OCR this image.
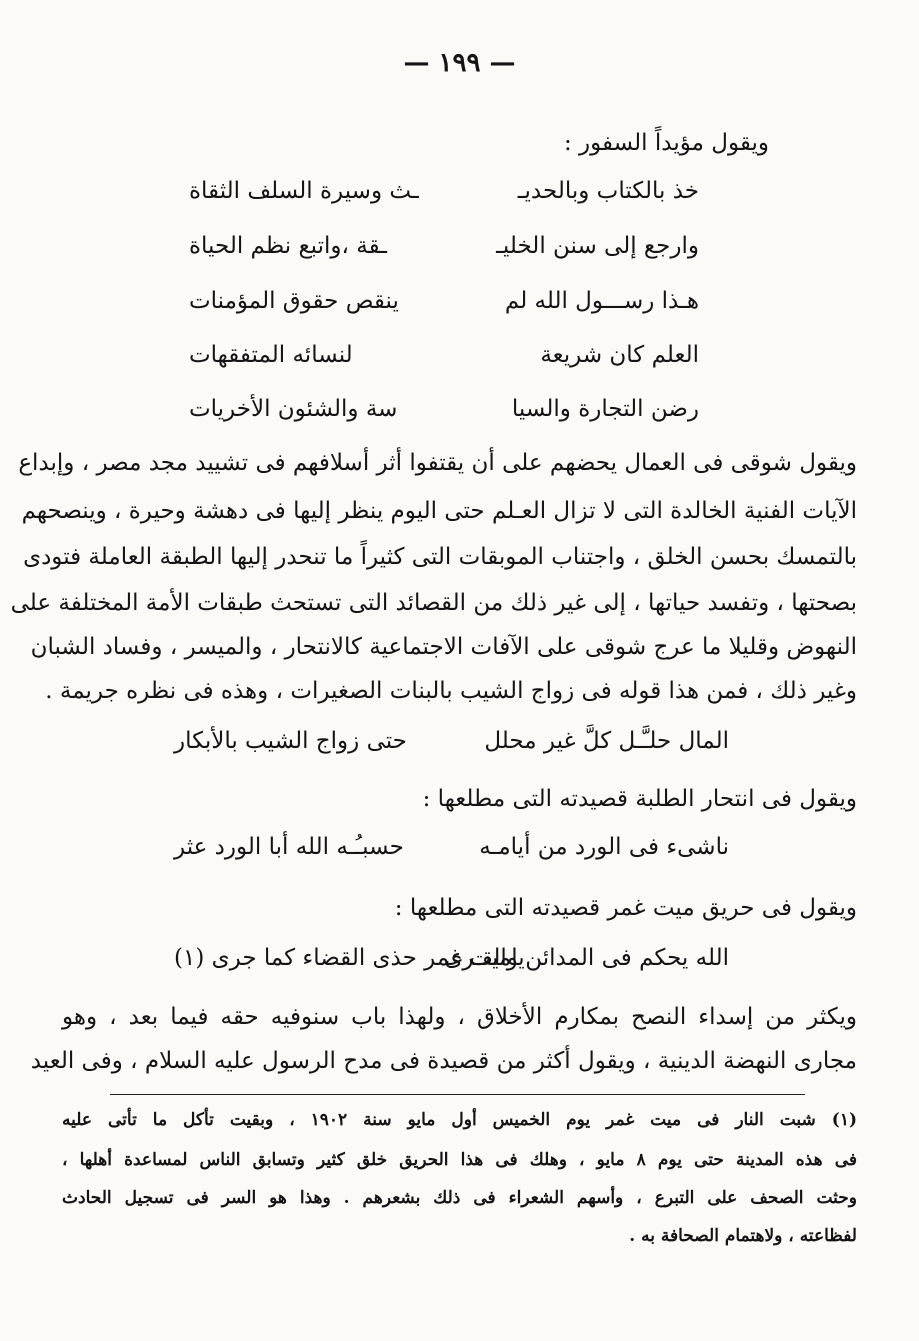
— ١٩٩ —
ويقول مؤيداً السفور :
خذ بالكتاب وبالحديـ
ـث وسيرة السلف الثقاة
وارجع إلى سنن الخليـ
ـقة ،واتبع نظم الحياة
هـذا رســـول الله لم
ينقص حقوق المؤمنات
العلم كان شريعة
لنسائه المتفقهات
رضن التجارة والسيا
سة والشئون الأخريات
ويقول شوقى فى العمال يحضهم على أن يقتفوا أثر أسلافهم فى تشييد مجد مصر ، وإبداع
الآيات الفنية الخالدة التى لا تزال العـلم حتى اليوم ينظر إليها فى دهشة وحيرة ، وينصحهم
بالتمسك بحسن الخلق ، واجتناب الموبقات التى كثيراً ما تنحدر إليها الطبقة العاملة فتودى
بصحتها ، وتفسد حياتها ، إلى غير ذلك من القصائد التى تستحث طبقات الأمة المختلفة على
النهوض وقليلا ما عرج شوقى على الآفات الاجتماعية كالانتحار ، والميسر ، وفساد الشبان
وغير ذلك ، فمن هذا قوله فى زواج الشيب بالبنات الصغيرات ، وهذه فى نظره جريمة .
المال حلـَّـل كلَّ غير محلل
حتى زواج الشيب بالأبكار
ويقول فى انتحار الطلبة قصيدته التى مطلعها :
ناشىء فى الورد من أيامـه
حسبـُـه الله أبا الورد عثر
ويقول فى حريق ميت غمر قصيدته التى مطلعها :
الله يحكم فى المدائن والقـرى
ياميت غمر حذى القضاء كما جرى (١)
ويكثر من إسداء النصح بمكارم الأخلاق ، ولهذا باب سنوفيه حقه فيما بعد ، وهو
مجارى النهضة الدينية ، ويقول أكثر من قصيدة فى مدح الرسول عليه السلام ، وفى العيد
(١) شبت النار فى ميت غمر يوم الخميس أول مايو سنة ١٩٠٢ ، وبقيت تأكل ما تأتى عليه
فى هذه المدينة حتى يوم ٨ مايو ، وهلك فى هذا الحريق خلق كثير وتسابق الناس لمساعدة أهلها ،
وحثت الصحف على التبرع ، وأسهم الشعراء فى ذلك بشعرهم . وهذا هو السر فى تسجيل الحادث
لفظاعته ، ولاهتمام الصحافة به .
